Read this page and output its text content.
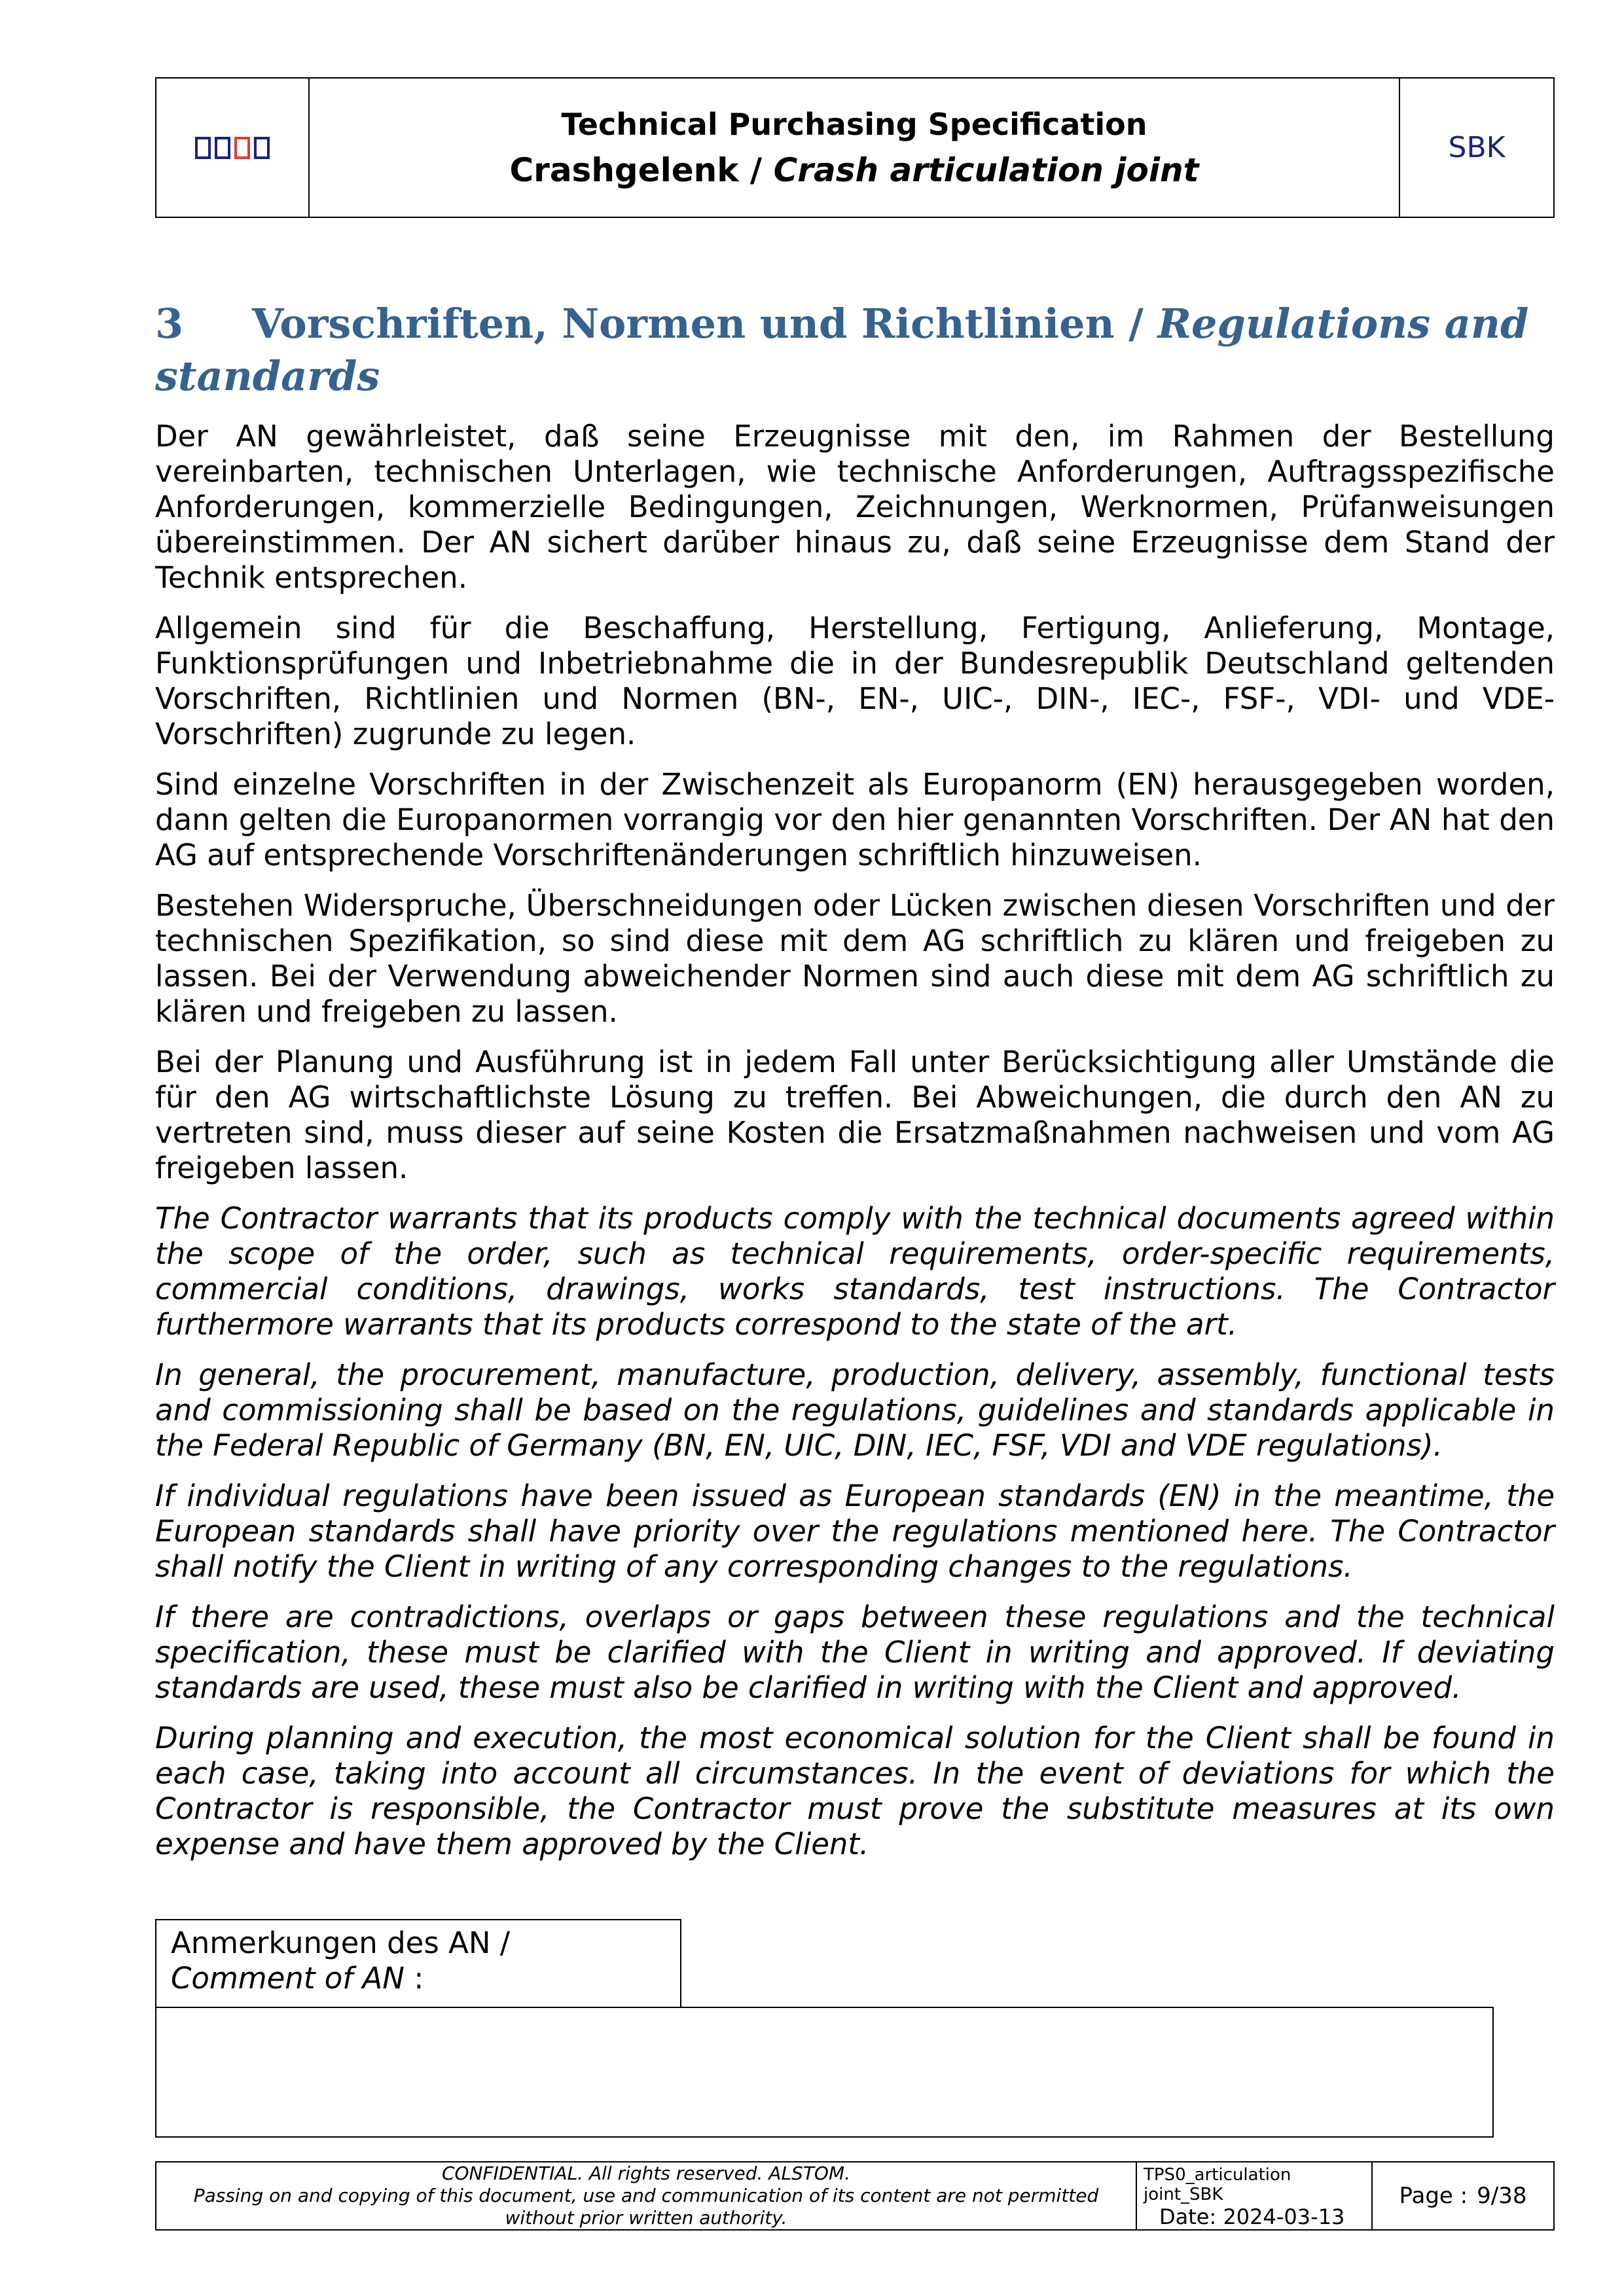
Technical Purchasing Specification
Crashgelenk / Crash articulation joint
SBK
3 Vorschriften, Normen und Richtlinien / Regulations and standards

Der AN gewährleistet, daß seine Erzeugnisse mit den, im Rahmen der Bestellung vereinbarten, technischen Unterlagen, wie technische Anforderungen, Auftragsspezifische Anforderungen, kommerzielle Bedingungen, Zeichnungen, Werknormen, Prüfanweisungen übereinstimmen. Der AN sichert darüber hinaus zu, daß seine Erzeugnisse dem Stand der Technik entsprechen.

Allgemein sind für die Beschaffung, Herstellung, Fertigung, Anlieferung, Montage, Funktionsprüfungen und Inbetriebnahme die in der Bundesrepublik Deutschland geltenden Vorschriften, Richtlinien und Normen (BN-, EN-, UIC-, DIN-, IEC-, FSF-, VDI- und VDE-Vorschriften) zugrunde zu legen.

Sind einzelne Vorschriften in der Zwischenzeit als Europanorm (EN) herausgegeben worden, dann gelten die Europanormen vorrangig vor den hier genannten Vorschriften. Der AN hat den AG auf entsprechende Vorschriftenänderungen schriftlich hinzuweisen.

Bestehen Widerspruche, Überschneidungen oder Lücken zwischen diesen Vorschriften und der technischen Spezifikation, so sind diese mit dem AG schriftlich zu klären und freigeben zu lassen. Bei der Verwendung abweichender Normen sind auch diese mit dem AG schriftlich zu klären und freigeben zu lassen.

Bei der Planung und Ausführung ist in jedem Fall unter Berücksichtigung aller Umstände die für den AG wirtschaftlichste Lösung zu treffen. Bei Abweichungen, die durch den AN zu vertreten sind, muss dieser auf seine Kosten die Ersatzmaßnahmen nachweisen und vom AG freigeben lassen.

The Contractor warrants that its products comply with the technical documents agreed within the scope of the order, such as technical requirements, order-specific requirements, commercial conditions, drawings, works standards, test instructions. The Contractor furthermore warrants that its products correspond to the state of the art.

In general, the procurement, manufacture, production, delivery, assembly, functional tests and commissioning shall be based on the regulations, guidelines and standards applicable in the Federal Republic of Germany (BN, EN, UIC, DIN, IEC, FSF, VDI and VDE regulations).

If individual regulations have been issued as European standards (EN) in the meantime, the European standards shall have priority over the regulations mentioned here. The Contractor shall notify the Client in writing of any corresponding changes to the regulations.

If there are contradictions, overlaps or gaps between these regulations and the technical specification, these must be clarified with the Client in writing and approved. If deviating standards are used, these must also be clarified in writing with the Client and approved.

During planning and execution, the most economical solution for the Client shall be found in each case, taking into account all circumstances. In the event of deviations for which the Contractor is responsible, the Contractor must prove the substitute measures at its own expense and have them approved by the Client.

Anmerkungen des AN /
Comment of AN :
CONFIDENTIAL. All rights reserved. ALSTOM.
Passing on and copying of this document, use and communication of its content are not permitted
without prior written authority.
TPS0_articulation
joint_SBK
Date: 2024-03-13
Page : 9/38
